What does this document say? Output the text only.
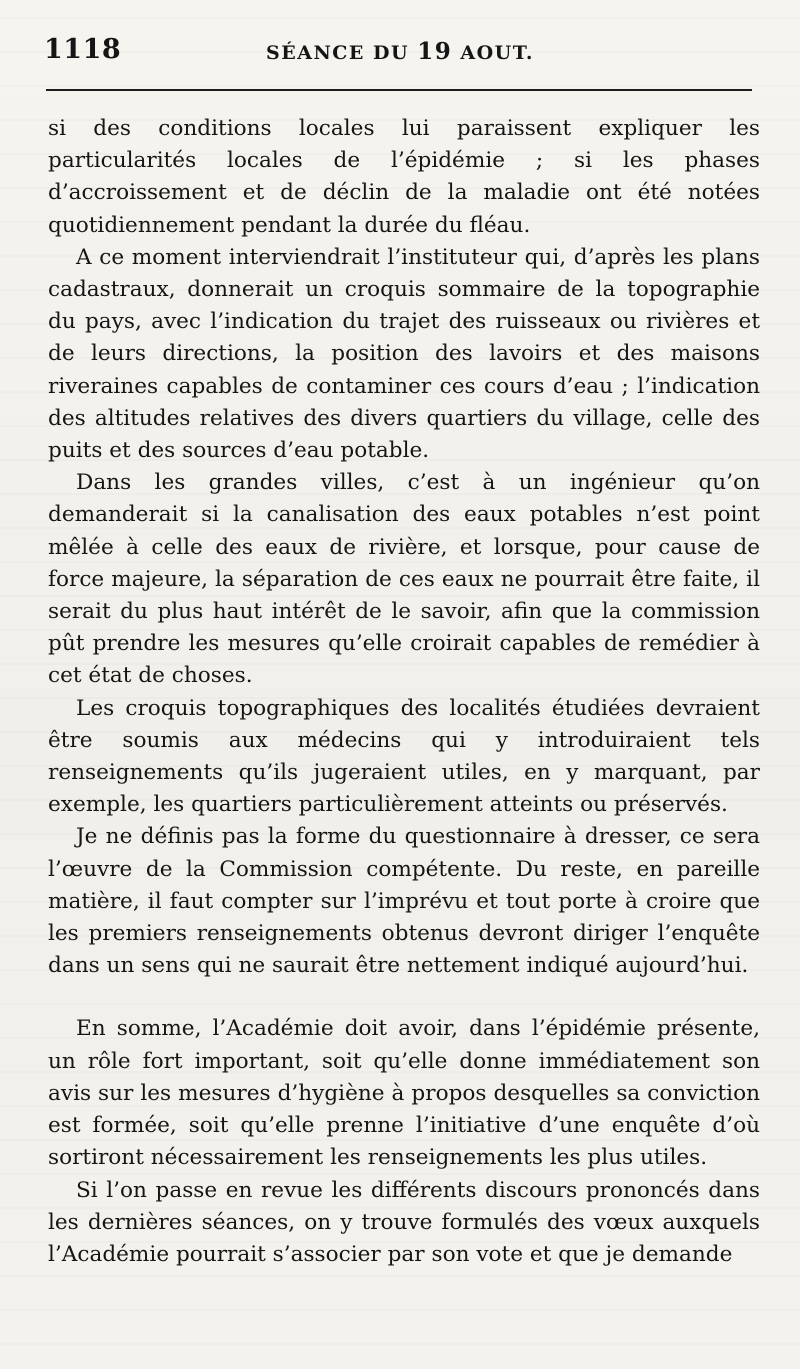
1118	SÉANCE DU 19 AOUT.

si des conditions locales lui paraissent expliquer les particularités locales de l’épidémie ; si les phases d’accroissement et de déclin de la maladie ont été notées quotidiennement pendant la durée du fléau.

A ce moment interviendrait l’instituteur qui, d’après les plans cadastraux, donnerait un croquis sommaire de la topographie du pays, avec l’indication du trajet des ruisseaux ou rivières et de leurs directions, la position des lavoirs et des maisons riveraines capables de contaminer ces cours d’eau ; l’indication des altitudes relatives des divers quartiers du village, celle des puits et des sources d’eau potable.

Dans les grandes villes, c’est à un ingénieur qu’on demanderait si la canalisation des eaux potables n’est point mêlée à celle des eaux de rivière, et lorsque, pour cause de force majeure, la séparation de ces eaux ne pourrait être faite, il serait du plus haut intérêt de le savoir, afin que la commission pût prendre les mesures qu’elle croirait capables de remédier à cet état de choses.

Les croquis topographiques des localités étudiées devraient être soumis aux médecins qui y introduiraient tels renseignements qu’ils jugeraient utiles, en y marquant, par exemple, les quartiers particulièrement atteints ou préservés.

Je ne définis pas la forme du questionnaire à dresser, ce sera l’œuvre de la Commission compétente. Du reste, en pareille matière, il faut compter sur l’imprévu et tout porte à croire que les premiers renseignements obtenus devront diriger l’enquête dans un sens qui ne saurait être nettement indiqué aujourd’hui.

En somme, l’Académie doit avoir, dans l’épidémie présente, un rôle fort important, soit qu’elle donne immédiatement son avis sur les mesures d’hygiène à propos desquelles sa conviction est formée, soit qu’elle prenne l’initiative d’une enquête d’où sortiront nécessairement les renseignements les plus utiles.

Si l’on passe en revue les différents discours prononcés dans les dernières séances, on y trouve formulés des vœux auxquels l’Académie pourrait s’associer par son vote et que je demande
